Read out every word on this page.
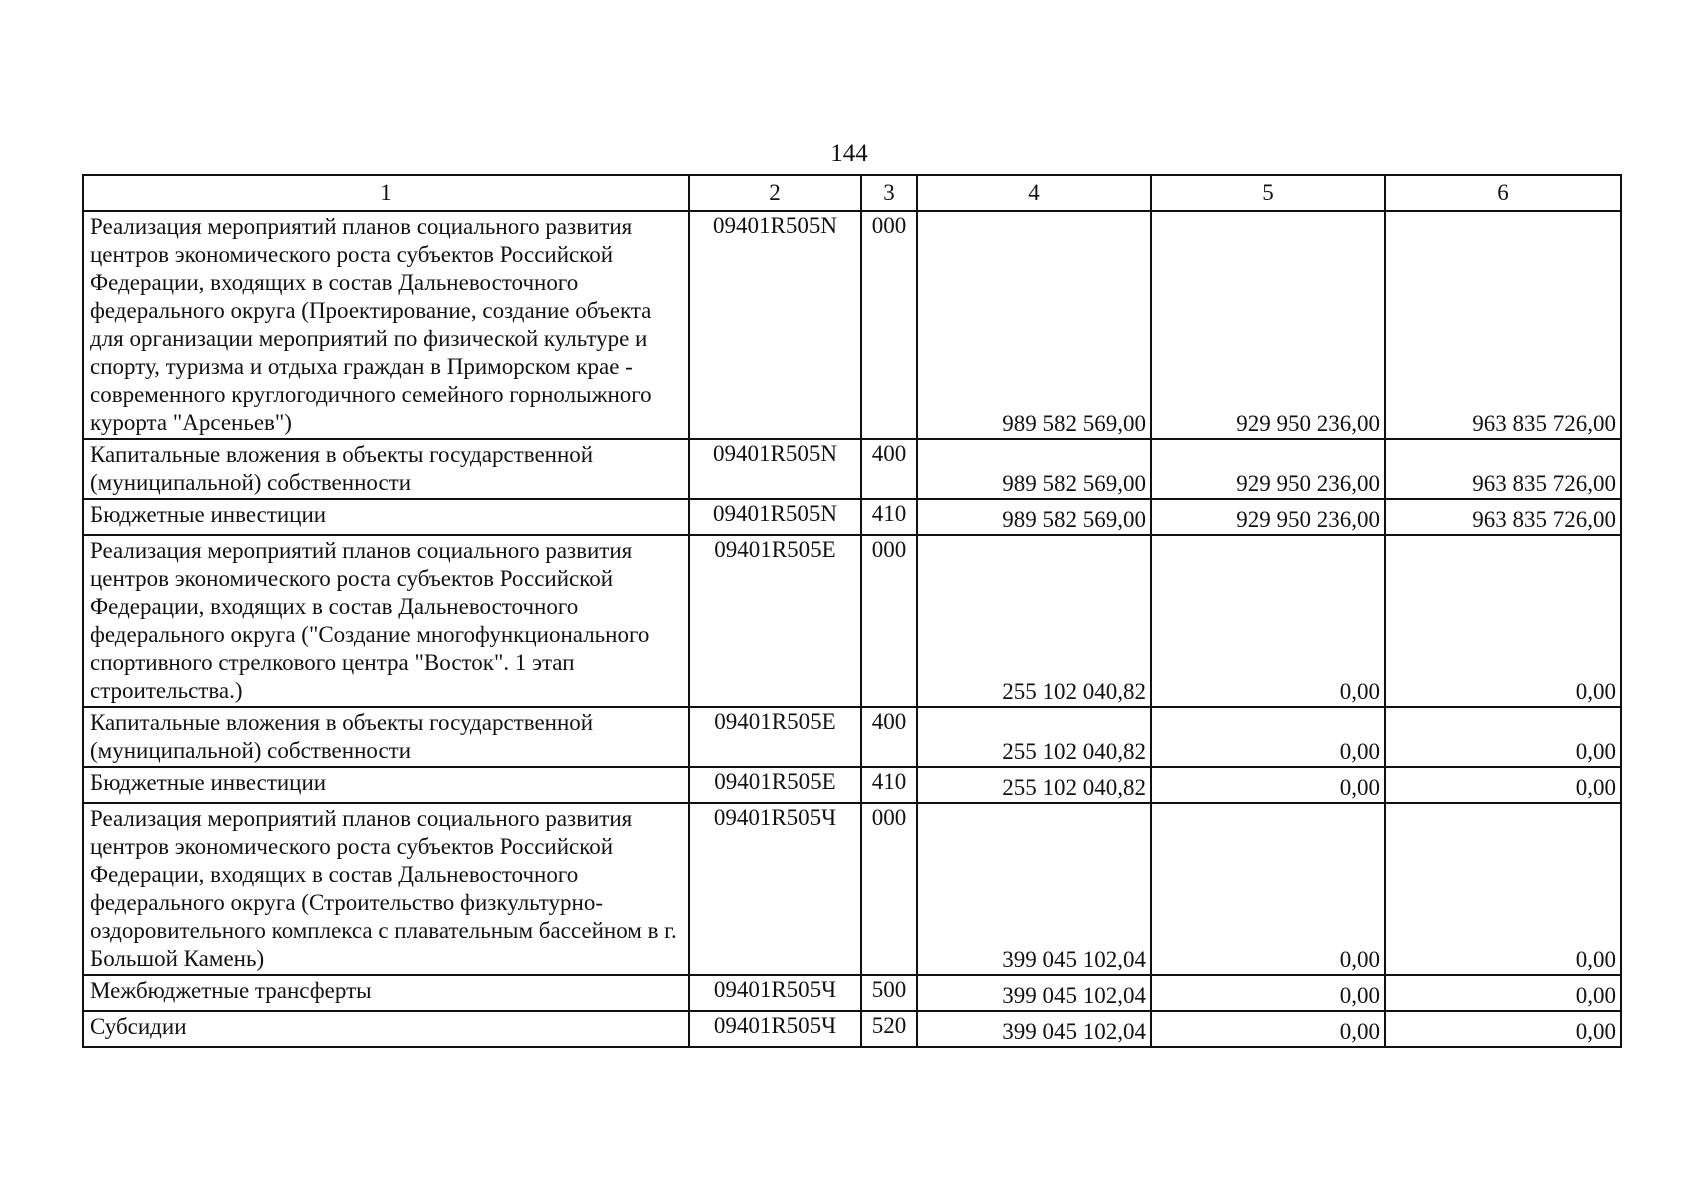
144
1	2	3	4	5	6
Реализация мероприятий планов социального развития центров экономического роста субъектов Российской Федерации, входящих в состав Дальневосточного федерального округа (Проектирование, создание объекта для организации мероприятий по физической культуре и спорту, туризма и отдыха граждан в Приморском крае - современного круглогодичного семейного горнолыжного курорта "Арсеньев")	09401R505N	000	989 582 569,00	929 950 236,00	963 835 726,00
Капитальные вложения в объекты государственной (муниципальной) собственности	09401R505N	400	989 582 569,00	929 950 236,00	963 835 726,00
Бюджетные инвестиции	09401R505N	410	989 582 569,00	929 950 236,00	963 835 726,00
Реализация мероприятий планов социального развития центров экономического роста субъектов Российской Федерации, входящих в состав Дальневосточного федерального округа ("Создание многофункционального спортивного стрелкового центра "Восток". 1 этап строительства.)	09401R505E	000	255 102 040,82	0,00	0,00
Капитальные вложения в объекты государственной (муниципальной) собственности	09401R505E	400	255 102 040,82	0,00	0,00
Бюджетные инвестиции	09401R505E	410	255 102 040,82	0,00	0,00
Реализация мероприятий планов социального развития центров экономического роста субъектов Российской Федерации, входящих в состав Дальневосточного федерального округа (Строительство физкультурно-оздоровительного комплекса с плавательным бассейном в г. Большой Камень)	09401R505Ч	000	399 045 102,04	0,00	0,00
Межбюджетные трансферты	09401R505Ч	500	399 045 102,04	0,00	0,00
Субсидии	09401R505Ч	520	399 045 102,04	0,00	0,00
